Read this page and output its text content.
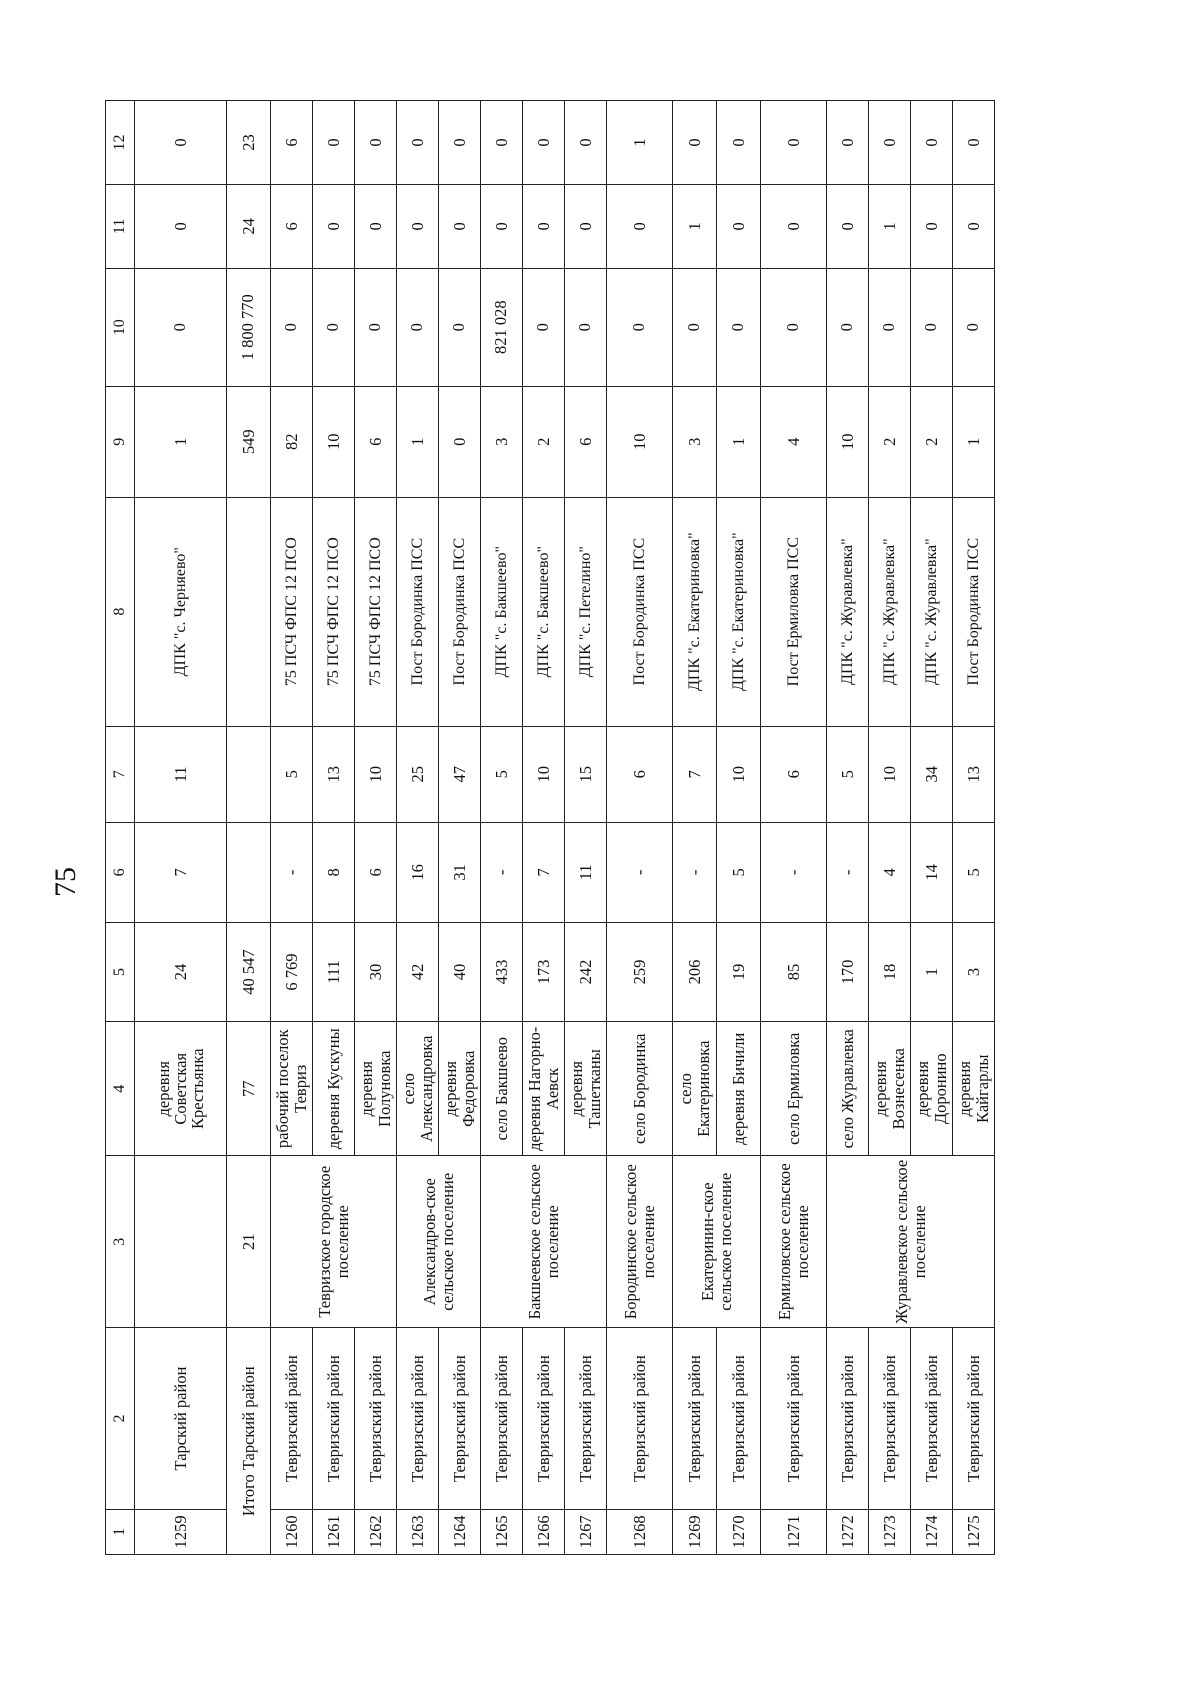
75
1	2	3	4	5	6	7	8	9	10	11	12
1259	Тарский район		деревня Советская Крестьянка	24	7	11	ДПК "с. Черняево"	1	0	0	0
Итого Тарский район		21	77	40 547				549	1 800 770	24	23
1260	Тевризский район	Тевризское городское поселение	рабочий поселок Тевриз	6 769	-	5	75 ПСЧ ФПС 12 ПСО	82	0	6	6
1261	Тевризский район		деревня Кускуны	111	8	13	75 ПСЧ ФПС 12 ПСО	10	0	0	0
1262	Тевризский район		деревня Полуновка	30	6	10	75 ПСЧ ФПС 12 ПСО	6	0	0	0
1263	Тевризский район	Александров-ское сельское поселение	село Александровка	42	16	25	Пост Бородинка ПСС	1	0	0	0
1264	Тевризский район		деревня Федоровка	40	31	47	Пост Бородинка ПСС	0	0	0	0
1265	Тевризский район	Бакшеевское сельское поселение	село Бакшеево	433	-	5	ДПК "с. Бакшеево"	3	821 028	0	0
1266	Тевризский район		деревня Нагорно-Аевск	173	7	10	ДПК "с. Бакшеево"	2	0	0	0
1267	Тевризский район		деревня Ташетканы	242	11	15	ДПК "с. Петелино"	6	0	0	0
1268	Тевризский район	Бородинское сельское поселение	село Бородинка	259	-	6	Пост Бородинка ПСС	10	0	0	1
1269	Тевризский район	Екатеринин-ское сельское поселение	село Екатериновка	206	-	7	ДПК "с. Екатериновка"	3	0	1	0
1270	Тевризский район		деревня Бичили	19	5	10	ДПК "с. Екатериновка"	1	0	0	0
1271	Тевризский район	Ермиловское сельское поселение	село Ермиловка	85	-	6	Пост Ермиловка ПСС	4	0	0	0
1272	Тевризский район	Журавлевское сельское поселение	село Журавлевка	170	-	5	ДПК "с. Журавлевка"	10	0	0	0
1273	Тевризский район		деревня Вознесенка	18	4	10	ДПК "с. Журавлевка"	2	0	1	0
1274	Тевризский район		деревня Доронино	1	14	34	ДПК "с. Журавлевка"	2	0	0	0
1275	Тевризский район		деревня Кайгарлы	3	5	13	Пост Бородинка ПСС	1	0	0	0
